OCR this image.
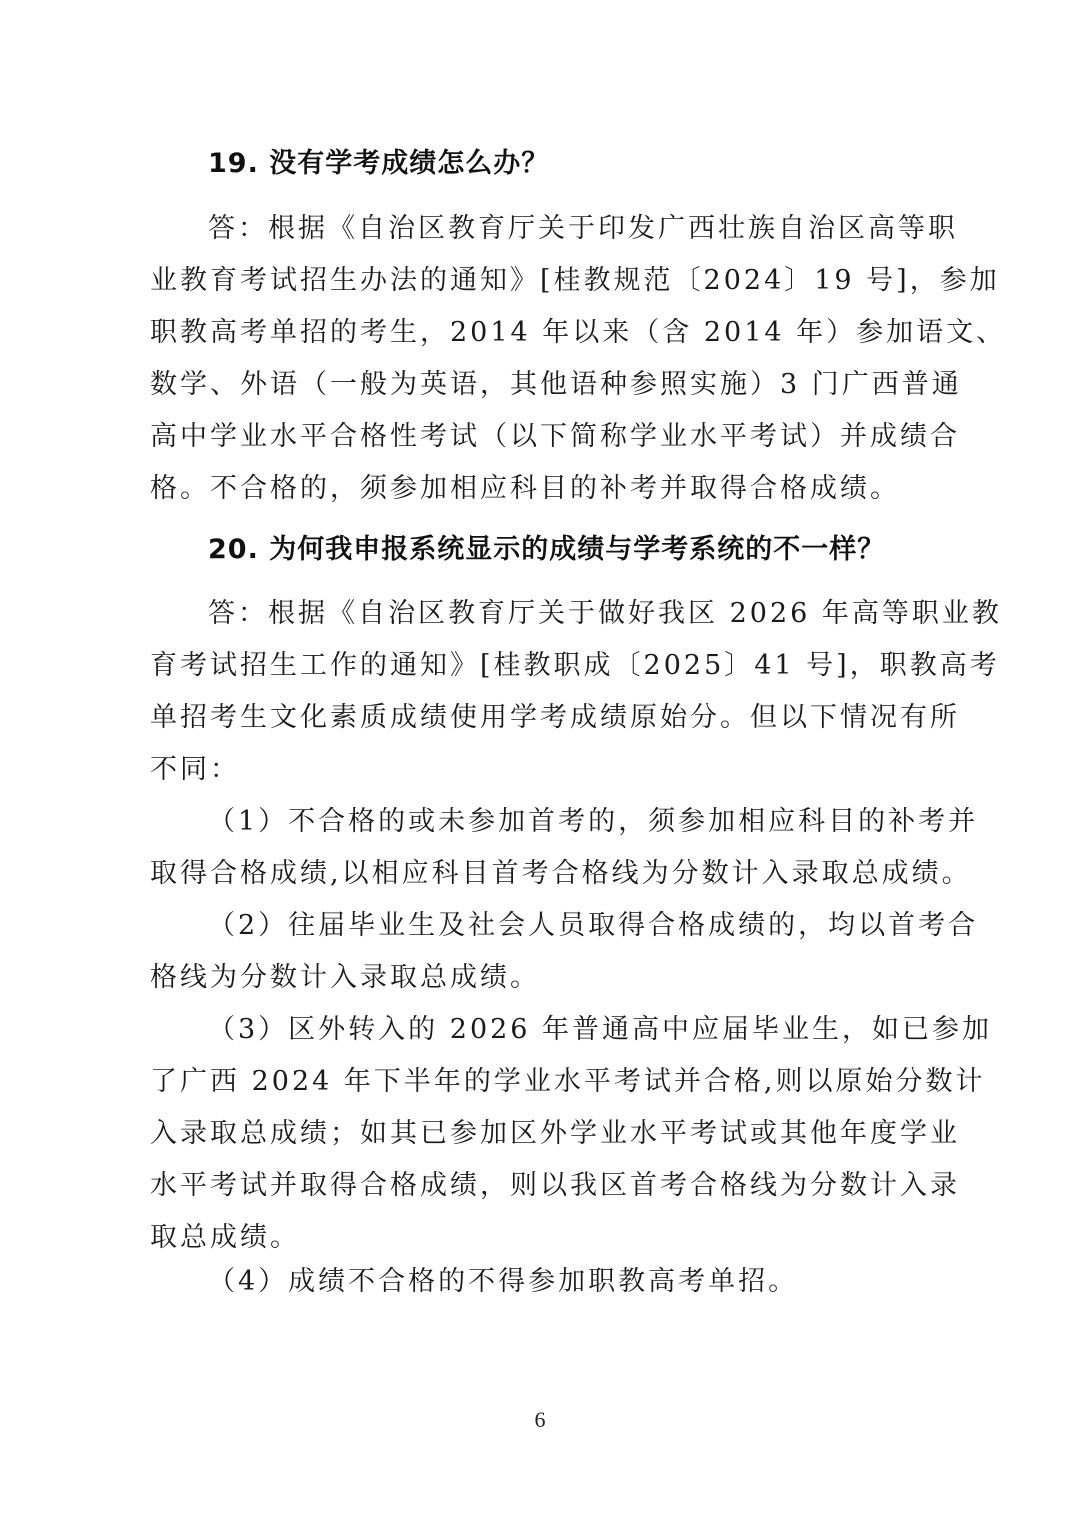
19. 没有学考成绩怎么办？
答：根据《自治区教育厅关于印发广西壮族自治区高等职
业教育考试招生办法的通知》[桂教规范〔2024〕19 号]，参加
职教高考单招的考生，2014 年以来（含 2014 年）参加语文、
数学、外语（一般为英语，其他语种参照实施）3 门广西普通
高中学业水平合格性考试（以下简称学业水平考试）并成绩合
格。不合格的，须参加相应科目的补考并取得合格成绩。
20. 为何我申报系统显示的成绩与学考系统的不一样？
答：根据《自治区教育厅关于做好我区 2026 年高等职业教
育考试招生工作的通知》[桂教职成〔2025〕41 号]，职教高考
单招考生文化素质成绩使用学考成绩原始分。但以下情况有所
不同：
（1）不合格的或未参加首考的，须参加相应科目的补考并
取得合格成绩,以相应科目首考合格线为分数计入录取总成绩。
（2）往届毕业生及社会人员取得合格成绩的，均以首考合
格线为分数计入录取总成绩。
（3）区外转入的 2026 年普通高中应届毕业生，如已参加
了广西 2024 年下半年的学业水平考试并合格,则以原始分数计
入录取总成绩；如其已参加区外学业水平考试或其他年度学业
水平考试并取得合格成绩，则以我区首考合格线为分数计入录
取总成绩。
（4）成绩不合格的不得参加职教高考单招。
6
